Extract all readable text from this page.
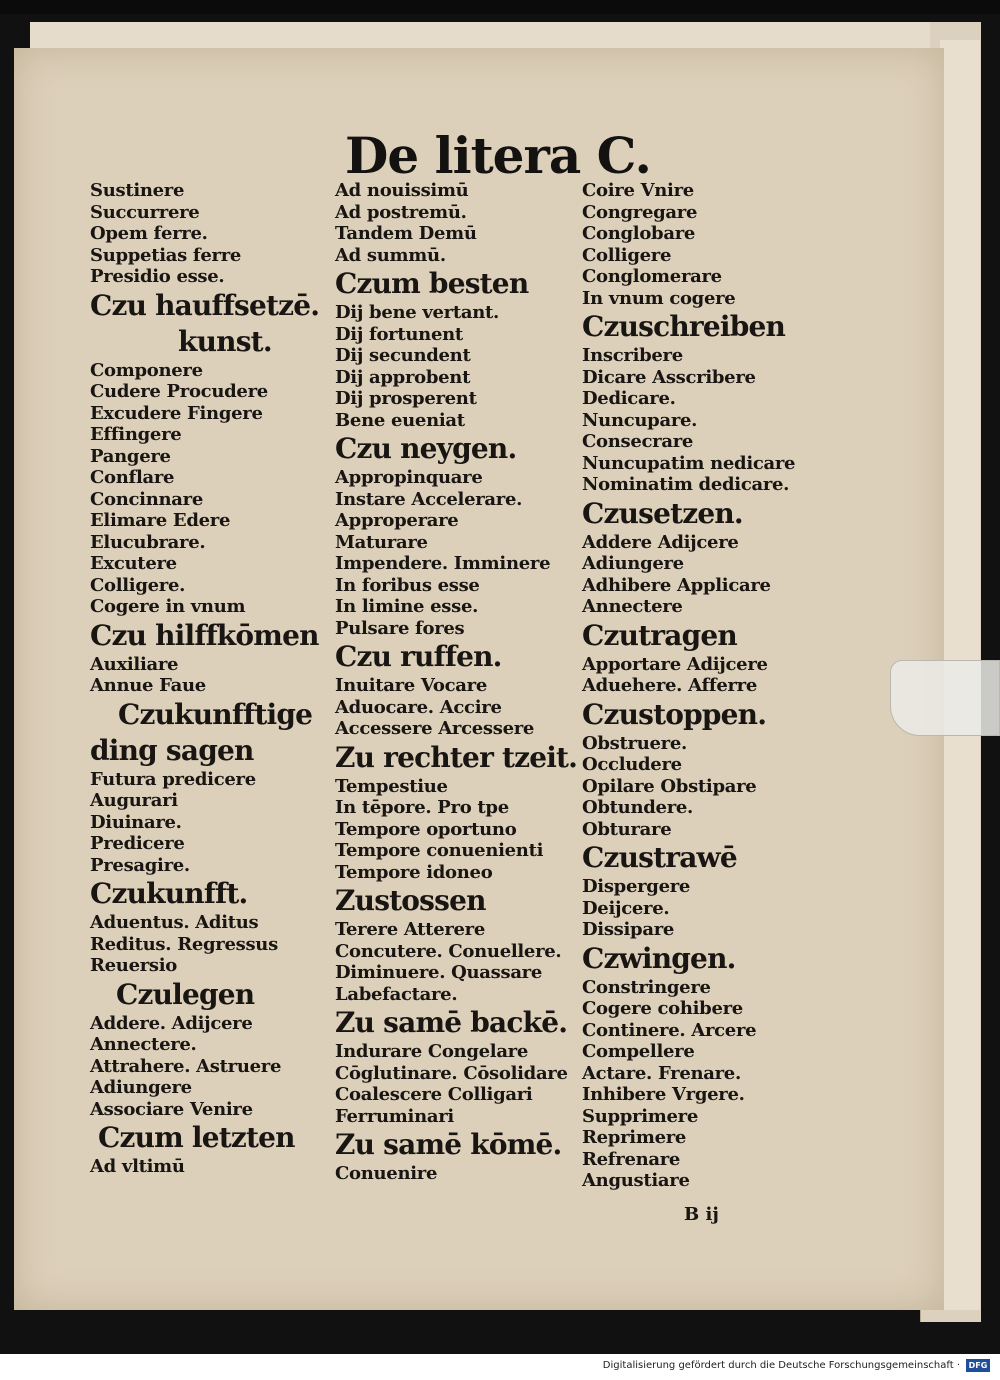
De litera C.
Sustinere
Succurrere
Opem ferre.
Suppetias ferre
Presidio esse.
Czu hauffsetzē.
kunst.
Componere
Cudere Procudere
Excudere Fingere
Effingere
Pangere
Conflare
Concinnare
Elimare Edere
Elucubrare.
Excutere
Colligere.
Cogere in vnum
Czu hilffkōmen
Auxiliare
Annue Faue
Czukunfftige
ding sagen
Futura predicere
Augurari
Diuinare.
Predicere
Presagire.
Czukunfft.
Aduentus. Aditus
Reditus. Regressus
Reuersio
Czulegen
Addere. Adijcere
Annectere.
Attrahere. Astruere
Adiungere
Associare Venire
Czum letzten
Ad vltimū
Ad nouissimū
Ad postremū.
Tandem Demū
Ad summū.
Czum besten
Dij bene vertant.
Dij fortunent
Dij secundent
Dij approbent
Dij prosperent
Bene eueniat
Czu neygen.
Appropinquare
Instare Accelerare.
Approperare
Maturare
Impendere. Imminere
In foribus esse
In limine esse.
Pulsare fores
Czu ruffen.
Inuitare Vocare
Aduocare. Accire
Accessere Arcessere
Zu rechter tzeit.
Tempestiue
In tēpore. Pro tpe
Tempore oportuno
Tempore conuenienti
Tempore idoneo
Zustossen
Terere Atterere
Concutere. Conuellere.
Diminuere. Quassare
Labefactare.
Zu samē backē.
Indurare Congelare
Cōglutinare. Cōsolidare
Coalescere Colligari
Ferruminari
Zu samē kōmē.
Conuenire
Coire Vnire
Congregare
Conglobare
Colligere
Conglomerare
In vnum cogere
Czuschreiben
Inscribere
Dicare Asscribere
Dedicare.
Nuncupare.
Consecrare
Nuncupatim nedicare
Nominatim dedicare.
Czusetzen.
Addere Adijcere
Adiungere
Adhibere Applicare
Annectere
Czutragen
Apportare Adijcere
Aduehere. Afferre
Czustoppen.
Obstruere.
Occludere
Opilare Obstipare
Obtundere.
Obturare
Czustrawē
Dispergere
Deijcere.
Dissipare
Czwingen.
Constringere
Cogere cohibere
Continere. Arcere
Compellere
Actare. Frenare.
Inhibere Vrgere.
Supprimere
Reprimere
Refrenare
Angustiare
B ij
Digitalisierung gefördert durch die Deutsche Forschungsgemeinschaft ·	DFG
